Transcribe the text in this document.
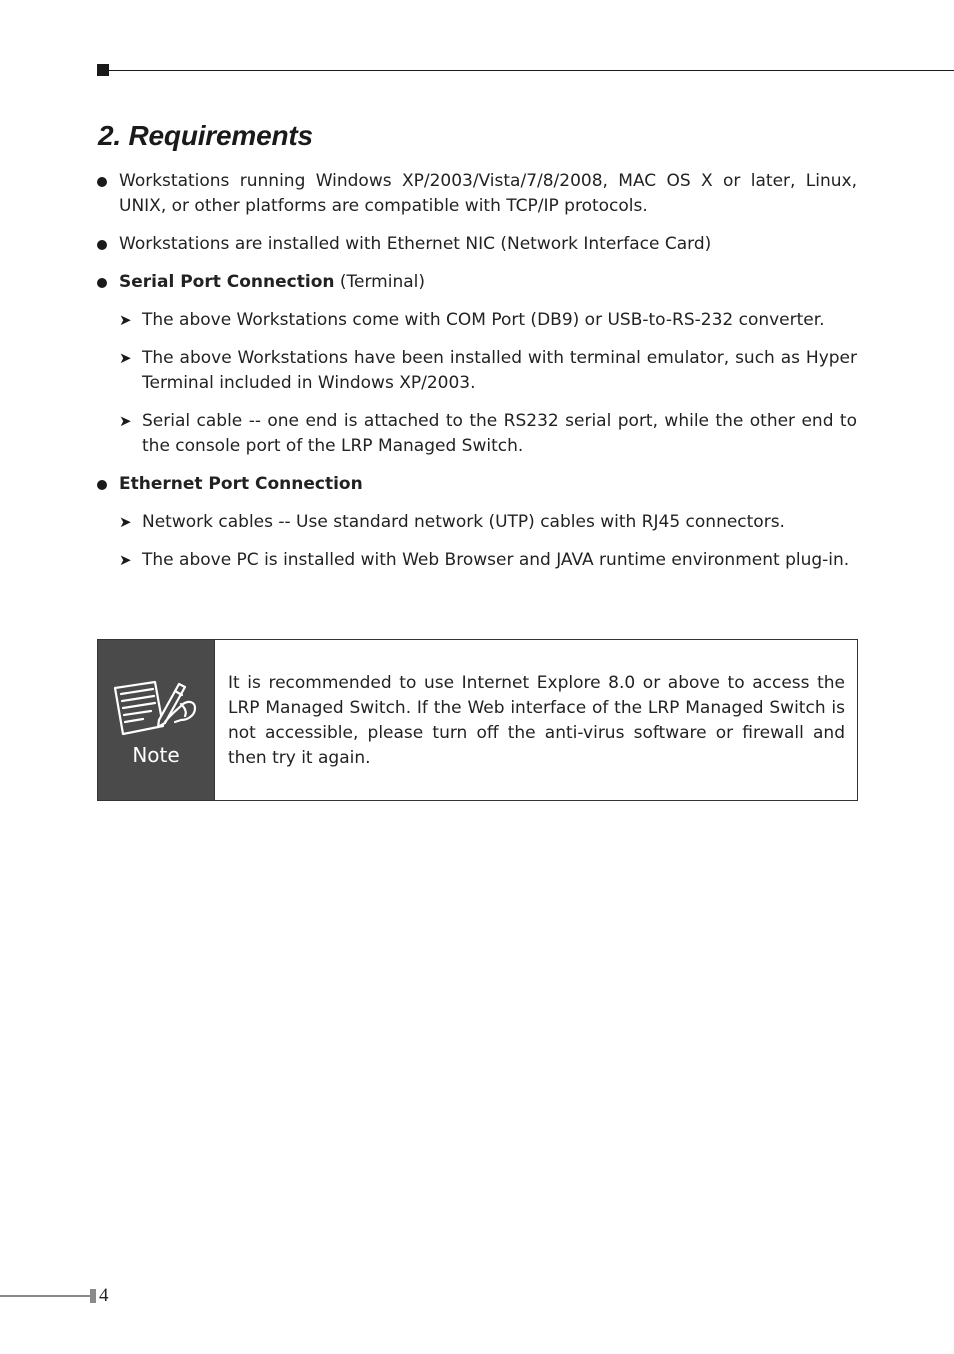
2. Requirements
Workstations running Windows XP/2003/Vista/7/8/2008, MAC OS X or later, Linux, UNIX, or other platforms are compatible with TCP/IP protocols.
Workstations are installed with Ethernet NIC (Network Interface Card)
Serial Port Connection (Terminal)
➤ The above Workstations come with COM Port (DB9) or USB-to-RS-232 converter.
➤ The above Workstations have been installed with terminal emulator, such as Hyper Terminal included in Windows XP/2003.
➤ Serial cable -- one end is attached to the RS232 serial port, while the other end to the console port of the LRP Managed Switch.
Ethernet Port Connection
➤ Network cables -- Use standard network (UTP) cables with RJ45 connectors.
➤ The above PC is installed with Web Browser and JAVA runtime environment plug-in.
Note
It is recommended to use Internet Explore 8.0 or above to access the LRP Managed Switch. If the Web interface of the LRP Managed Switch is not accessible, please turn off the anti-virus software or firewall and then try it again.
4
